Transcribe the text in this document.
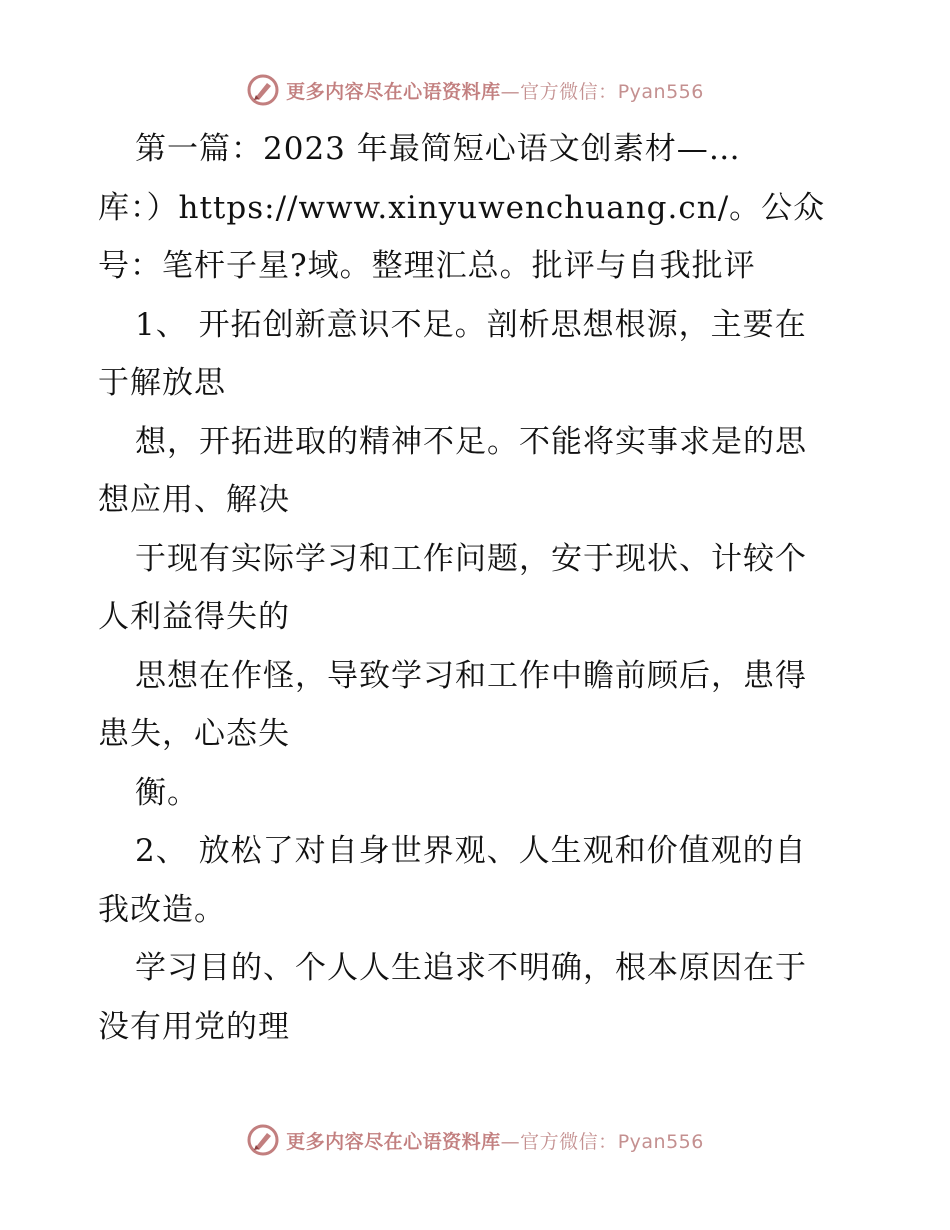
更多内容尽在心语资料库—官方微信：Pyan556
第一篇：2023 年最简短心语文创素材—…
库：）https://www.xinyuwenchuang.cn/。公众
号：笔杆子星?域。整理汇总。批评与自我批评
1、 开拓创新意识不足。剖析思想根源，主要在
于解放思
想，开拓进取的精神不足。不能将实事求是的思
想应用、解决
于现有实际学习和工作问题，安于现状、计较个
人利益得失的
思想在作怪，导致学习和工作中瞻前顾后，患得
患失，心态失
衡。
2、 放松了对自身世界观、人生观和价值观的自
我改造。
学习目的、个人人生追求不明确，根本原因在于
没有用党的理
更多内容尽在心语资料库—官方微信：Pyan556
